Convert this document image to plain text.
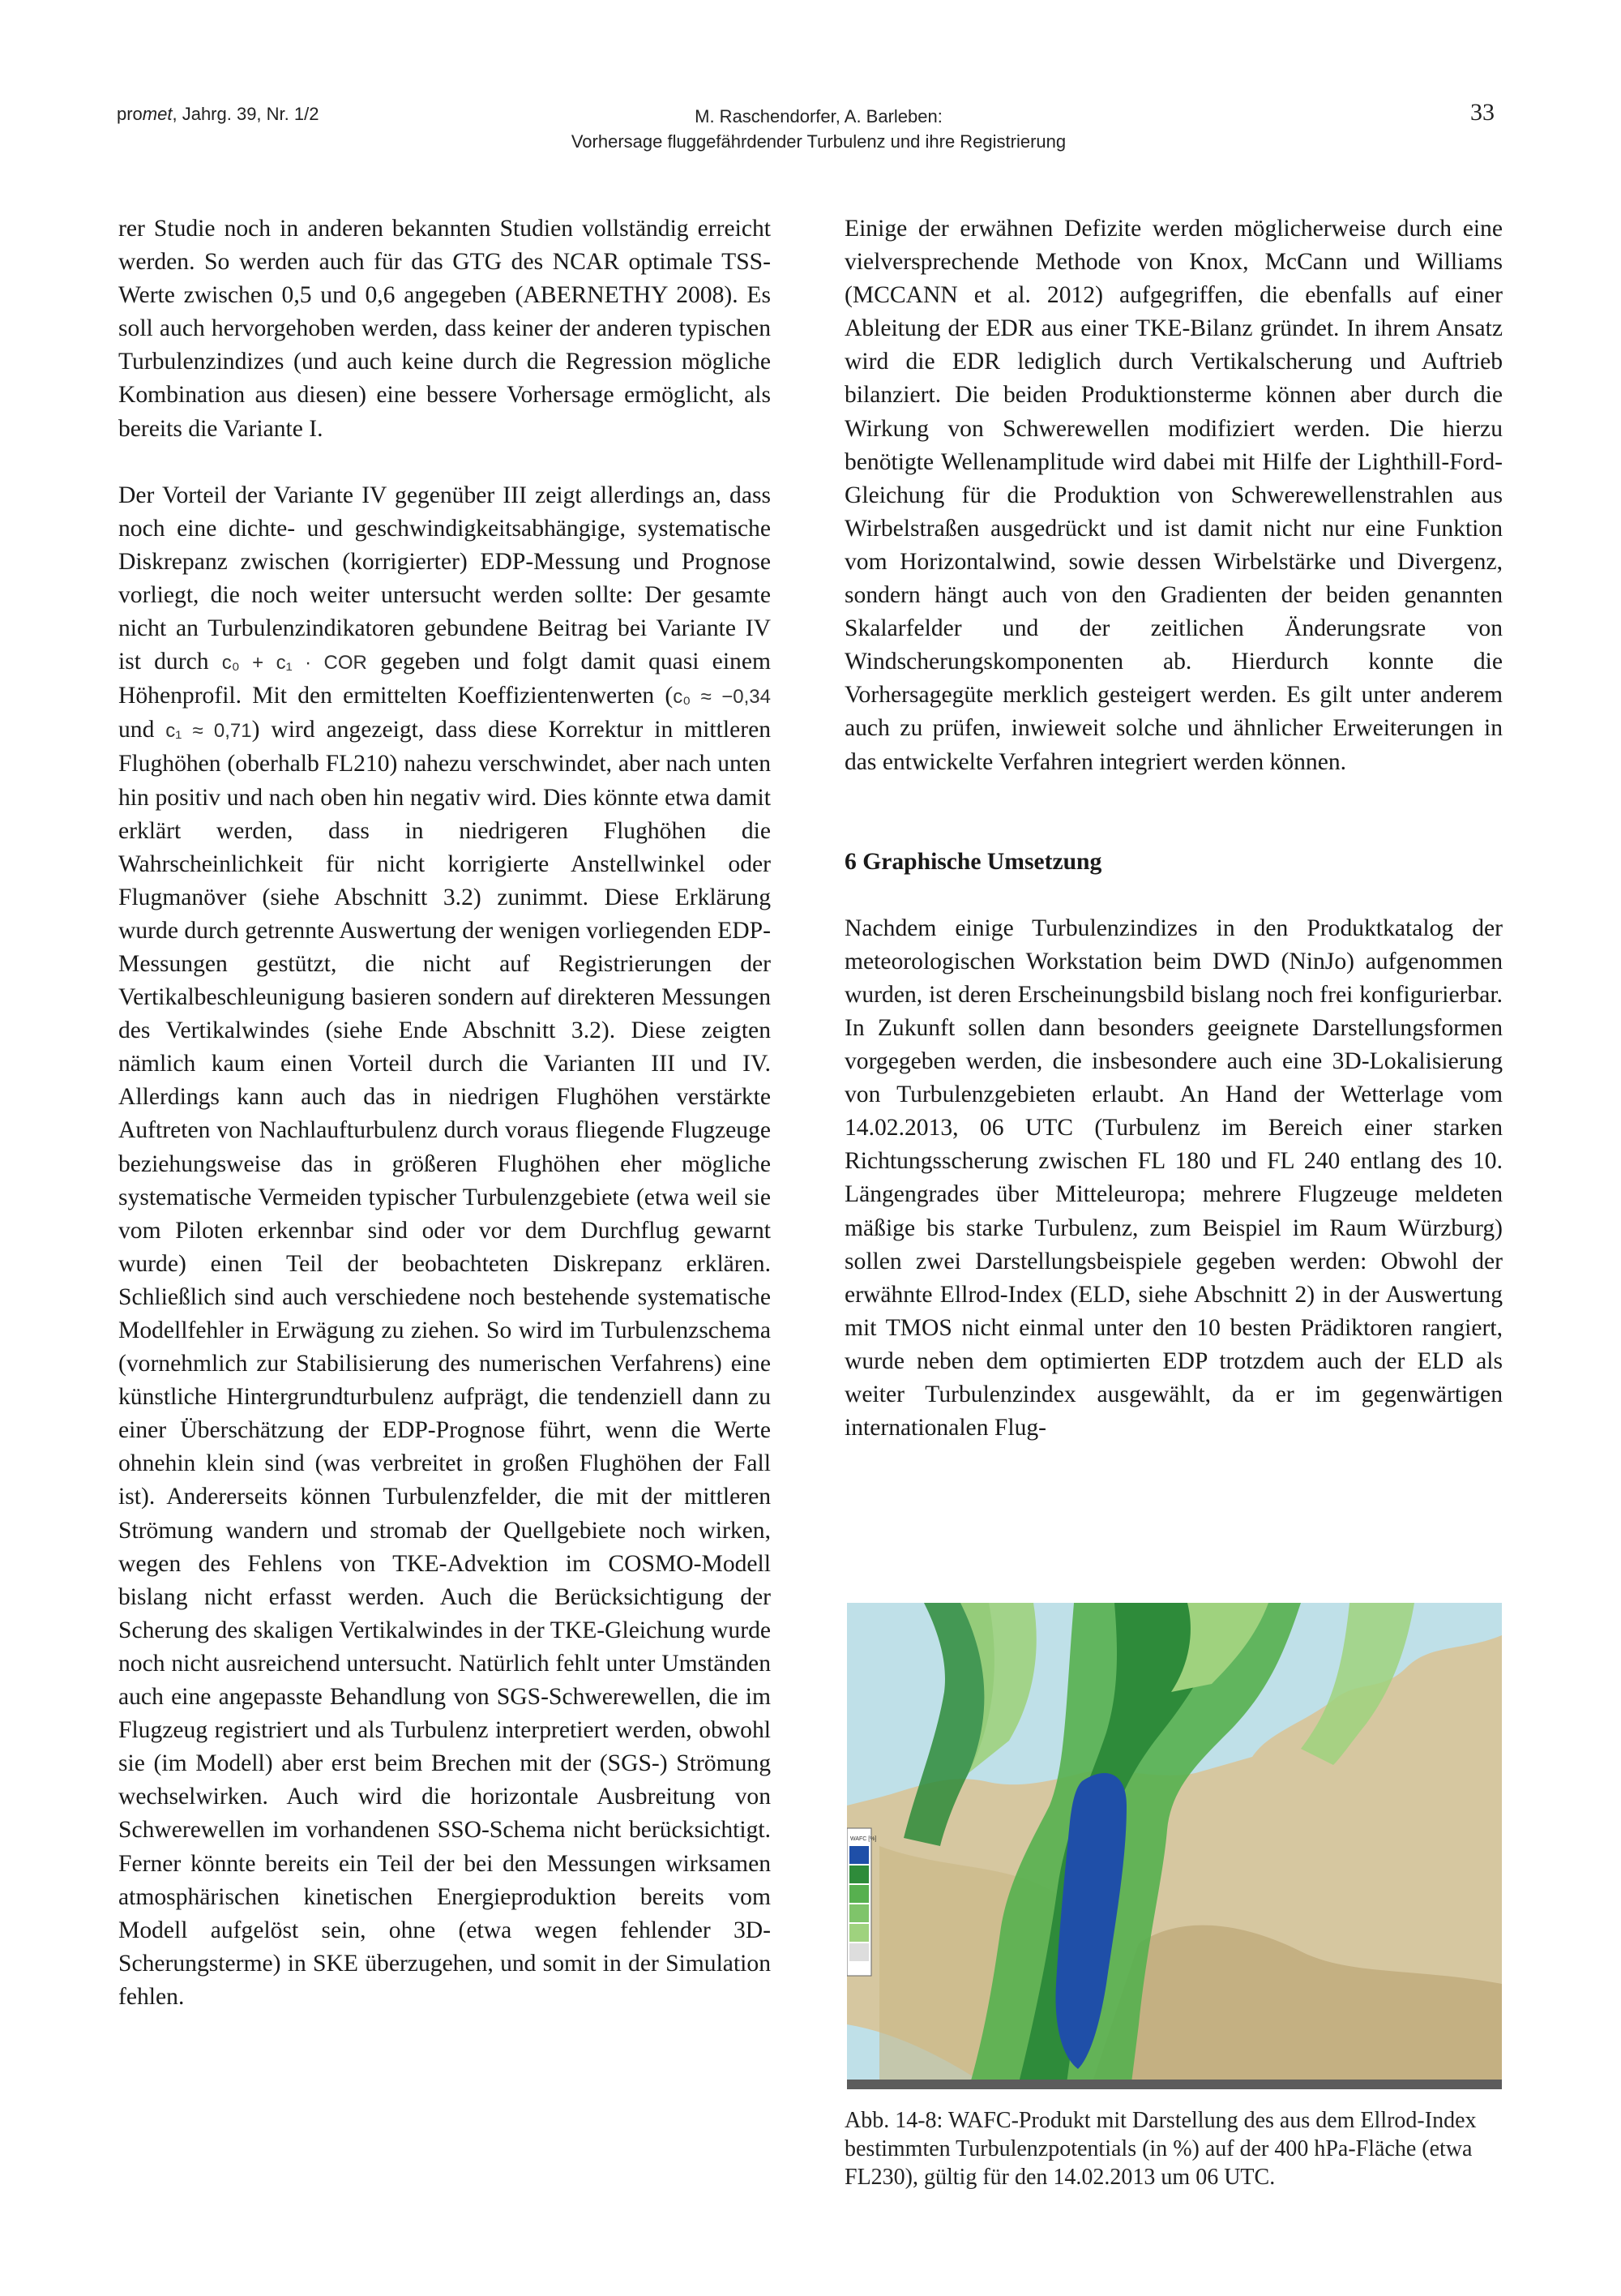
promet, Jahrg. 39, Nr. 1/2	M. Raschendorfer, A. Barleben:
Vorhersage fluggefährdender Turbulenz und ihre Registrierung
33

rer Studie noch in anderen bekannten Studien vollständig erreicht werden. So werden auch für das GTG des NCAR optimale TSS-Werte zwischen 0,5 und 0,6 angegeben (ABERNETHY 2008). Es soll auch hervorgehoben werden, dass keiner der anderen typischen Turbulenzindizes (und auch keine durch die Regression mögliche Kombination aus diesen) eine bessere Vorhersage ermöglicht, als bereits die Variante I.

Der Vorteil der Variante IV gegenüber III zeigt allerdings an, dass noch eine dichte- und geschwindigkeitsabhängige, systematische Diskrepanz zwischen (korrigierter) EDP-Messung und Prognose vorliegt, die noch weiter untersucht werden sollte: Der gesamte nicht an Turbulenzindikatoren gebundene Beitrag bei Variante IV ist durch c₀ + c₁ · COR gegeben und folgt damit quasi einem Höhenprofil. Mit den ermittelten Koeffizientenwerten (c₀ ≈ −0,34 und c₁ ≈ 0,71) wird angezeigt, dass diese Korrektur in mittleren Flughöhen (oberhalb FL210) nahezu verschwindet, aber nach unten hin positiv und nach oben hin negativ wird. Dies könnte etwa damit erklärt werden, dass in niedrigeren Flughöhen die Wahrscheinlichkeit für nicht korrigierte Anstellwinkel oder Flugmanöver (siehe Abschnitt 3.2) zunimmt. Diese Erklärung wurde durch getrennte Auswertung der wenigen vorliegenden EDP-Messungen gestützt, die nicht auf Registrierungen der Vertikalbeschleunigung basieren sondern auf direkteren Messungen des Vertikalwindes (siehe Ende Abschnitt 3.2). Diese zeigten nämlich kaum einen Vorteil durch die Varianten III und IV. Allerdings kann auch das in niedrigen Flughöhen verstärkte Auftreten von Nachlaufturbulenz durch voraus fliegende Flugzeuge beziehungsweise das in größeren Flughöhen eher mögliche systematische Vermeiden typischer Turbulenzgebiete (etwa weil sie vom Piloten erkennbar sind oder vor dem Durchflug gewarnt wurde) einen Teil der beobachteten Diskrepanz erklären. Schließlich sind auch verschiedene noch bestehende systematische Modellfehler in Erwägung zu ziehen. So wird im Turbulenzschema (vornehmlich zur Stabilisierung des numerischen Verfahrens) eine künstliche Hintergrundturbulenz aufprägt, die tendenziell dann zu einer Überschätzung der EDP-Prognose führt, wenn die Werte ohnehin klein sind (was verbreitet in großen Flughöhen der Fall ist). Andererseits können Turbulenzfelder, die mit der mittleren Strömung wandern und stromab der Quellgebiete noch wirken, wegen des Fehlens von TKE-Advektion im COSMO-Modell bislang nicht erfasst werden. Auch die Berücksichtigung der Scherung des skaligen Vertikalwindes in der TKE-Gleichung wurde noch nicht ausreichend untersucht. Natürlich fehlt unter Umständen auch eine angepasste Behandlung von SGS-Schwerewellen, die im Flugzeug registriert und als Turbulenz interpretiert werden, obwohl sie (im Modell) aber erst beim Brechen mit der (SGS-) Strömung wechselwirken. Auch wird die horizontale Ausbreitung von Schwerewellen im vorhandenen SSO-Schema nicht berücksichtigt. Ferner könnte bereits ein Teil der bei den Messungen wirksamen atmosphärischen kinetischen Energieproduktion bereits vom Modell aufgelöst sein, ohne (etwa wegen fehlender 3D-Scherungsterme) in SKE überzugehen, und somit in der Simulation fehlen.

Einige der erwähnen Defizite werden möglicherweise durch eine vielversprechende Methode von Knox, McCann und Williams (MCCANN et al. 2012) aufgegriffen, die ebenfalls auf einer Ableitung der EDR aus einer TKE-Bilanz gründet. In ihrem Ansatz wird die EDR lediglich durch Vertikalscherung und Auftrieb bilanziert. Die beiden Produktionsterme können aber durch die Wirkung von Schwerewellen modifiziert werden. Die hierzu benötigte Wellenamplitude wird dabei mit Hilfe der Lighthill-Ford-Gleichung für die Produktion von Schwerewellenstrahlen aus Wirbelstraßen ausgedrückt und ist damit nicht nur eine Funktion vom Horizontalwind, sowie dessen Wirbelstärke und Divergenz, sondern hängt auch von den Gradienten der beiden genannten Skalarfelder und der zeitlichen Änderungsrate von Windscherungskomponenten ab. Hierdurch konnte die Vorhersagegüte merklich gesteigert werden. Es gilt unter anderem auch zu prüfen, inwieweit solche und ähnlicher Erweiterungen in das entwickelte Verfahren integriert werden können.

6 Graphische Umsetzung

Nachdem einige Turbulenzindizes in den Produktkatalog der meteorologischen Workstation beim DWD (NinJo) aufgenommen wurden, ist deren Erscheinungsbild bislang noch frei konfigurierbar. In Zukunft sollen dann besonders geeignete Darstellungsformen vorgegeben werden, die insbesondere auch eine 3D-Lokalisierung von Turbulenzgebieten erlaubt. An Hand der Wetterlage vom 14.02.2013, 06 UTC (Turbulenz im Bereich einer starken Richtungsscherung zwischen FL 180 und FL 240 entlang des 10. Längengrades über Mitteleuropa; mehrere Flugzeuge meldeten mäßige bis starke Turbulenz, zum Beispiel im Raum Würzburg) sollen zwei Darstellungsbeispiele gegeben werden: Obwohl der erwähnte Ellrod-Index (ELD, siehe Abschnitt 2) in der Auswertung mit TMOS nicht einmal unter den 10 besten Prädiktoren rangiert, wurde neben dem optimierten EDP trotzdem auch der ELD als weiter Turbulenzindex ausgewählt, da er im gegenwärtigen internationalen Flug-

WAFC [%]
Abb. 14-8: WAFC-Produkt mit Darstellung des aus dem Ellrod-Index bestimmten Turbulenzpotentials (in %) auf der 400 hPa-Fläche (etwa FL230), gültig für den 14.02.2013 um 06 UTC.
